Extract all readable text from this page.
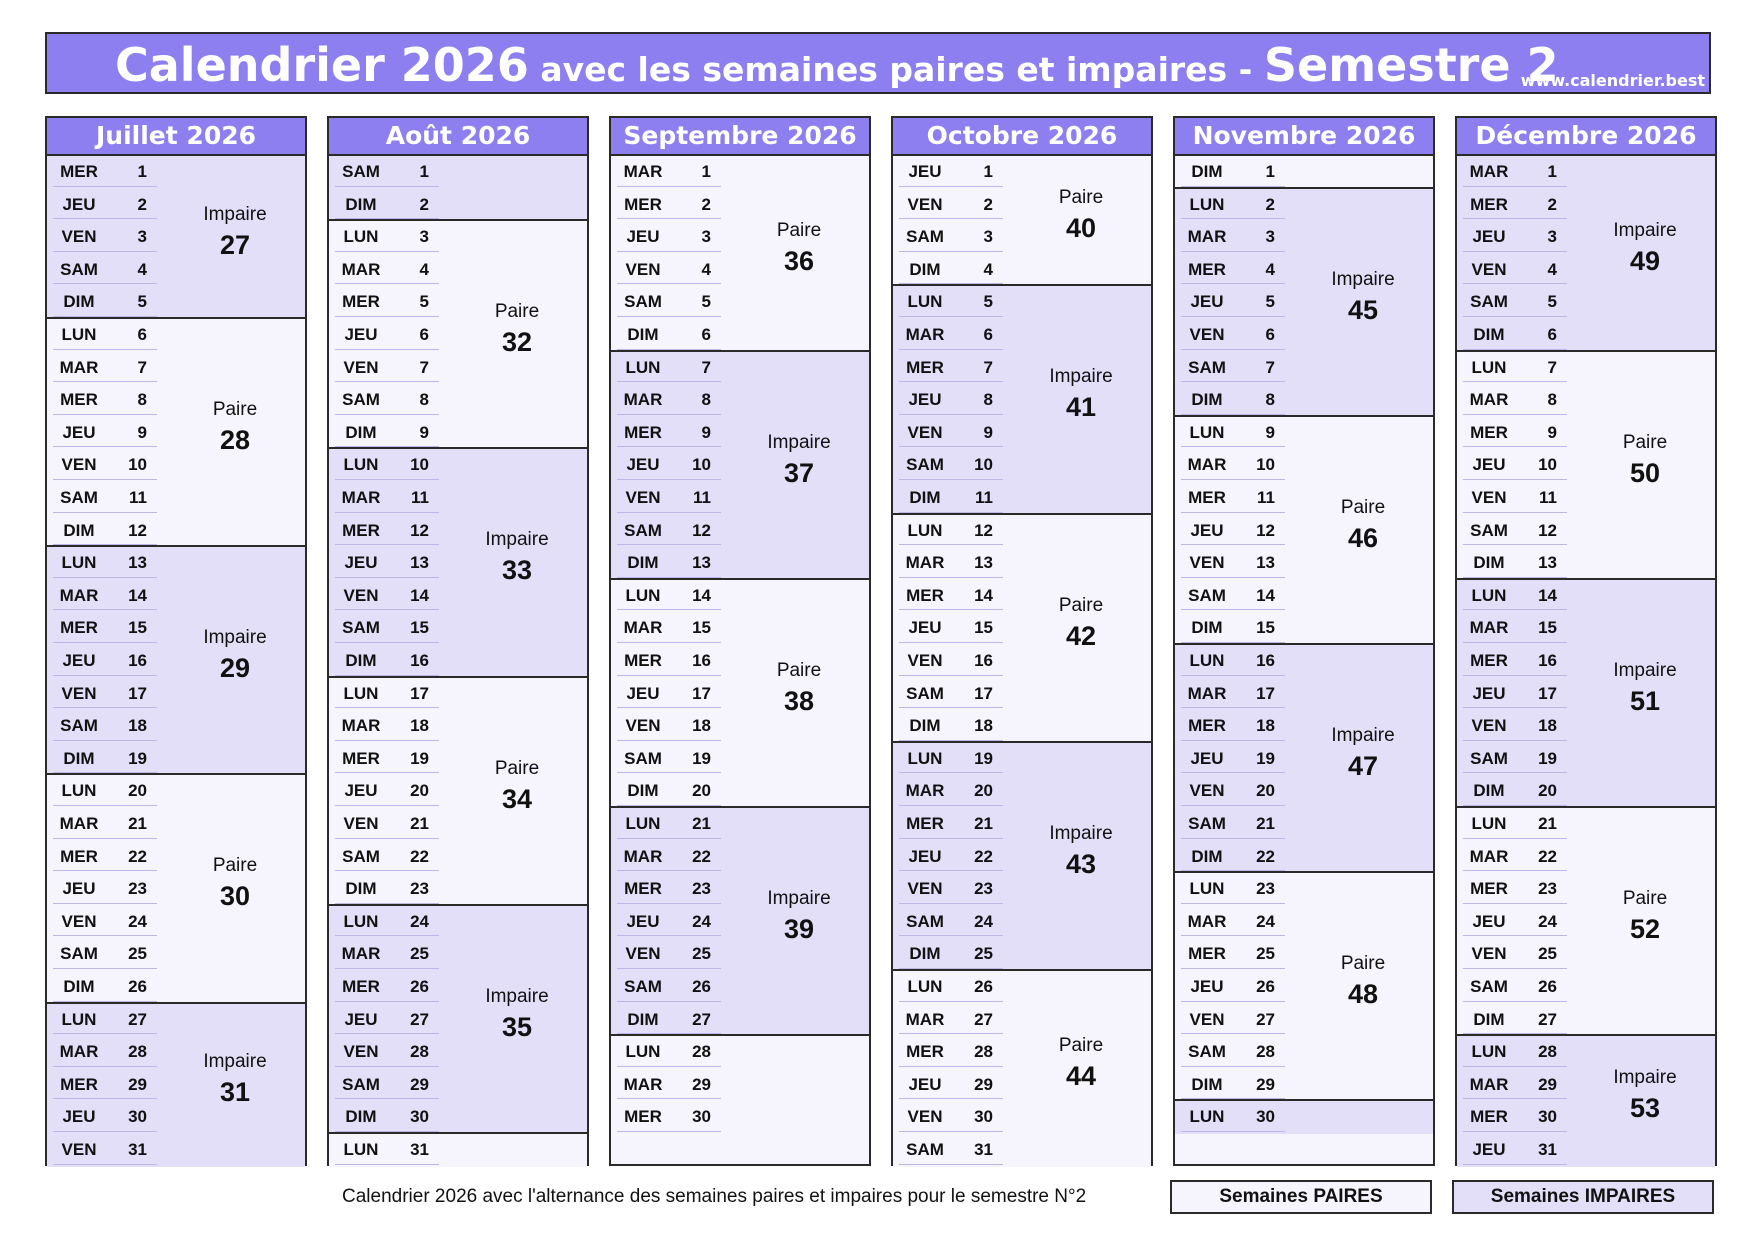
Calendrier 2026 avec les semaines paires et impaires - Semestre 2
www.calendrier.best
Juillet 2026
MER	1
JEU	2
VEN	3
SAM	4
DIM	5
Impaire
27
LUN	6
MAR	7
MER	8
JEU	9
VEN	10
SAM	11
DIM	12
Paire
28
LUN	13
MAR	14
MER	15
JEU	16
VEN	17
SAM	18
DIM	19
Impaire
29
LUN	20
MAR	21
MER	22
JEU	23
VEN	24
SAM	25
DIM	26
Paire
30
LUN	27
MAR	28
MER	29
JEU	30
VEN	31
Impaire
31
Août 2026
SAM	1
DIM	2
LUN	3
MAR	4
MER	5
JEU	6
VEN	7
SAM	8
DIM	9
Paire
32
LUN	10
MAR	11
MER	12
JEU	13
VEN	14
SAM	15
DIM	16
Impaire
33
LUN	17
MAR	18
MER	19
JEU	20
VEN	21
SAM	22
DIM	23
Paire
34
LUN	24
MAR	25
MER	26
JEU	27
VEN	28
SAM	29
DIM	30
Impaire
35
LUN	31
Septembre 2026
MAR	1
MER	2
JEU	3
VEN	4
SAM	5
DIM	6
Paire
36
LUN	7
MAR	8
MER	9
JEU	10
VEN	11
SAM	12
DIM	13
Impaire
37
LUN	14
MAR	15
MER	16
JEU	17
VEN	18
SAM	19
DIM	20
Paire
38
LUN	21
MAR	22
MER	23
JEU	24
VEN	25
SAM	26
DIM	27
Impaire
39
LUN	28
MAR	29
MER	30
Octobre 2026
JEU	1
VEN	2
SAM	3
DIM	4
Paire
40
LUN	5
MAR	6
MER	7
JEU	8
VEN	9
SAM	10
DIM	11
Impaire
41
LUN	12
MAR	13
MER	14
JEU	15
VEN	16
SAM	17
DIM	18
Paire
42
LUN	19
MAR	20
MER	21
JEU	22
VEN	23
SAM	24
DIM	25
Impaire
43
LUN	26
MAR	27
MER	28
JEU	29
VEN	30
SAM	31
Paire
44
Novembre 2026
DIM	1
LUN	2
MAR	3
MER	4
JEU	5
VEN	6
SAM	7
DIM	8
Impaire
45
LUN	9
MAR	10
MER	11
JEU	12
VEN	13
SAM	14
DIM	15
Paire
46
LUN	16
MAR	17
MER	18
JEU	19
VEN	20
SAM	21
DIM	22
Impaire
47
LUN	23
MAR	24
MER	25
JEU	26
VEN	27
SAM	28
DIM	29
Paire
48
LUN	30
Décembre 2026
MAR	1
MER	2
JEU	3
VEN	4
SAM	5
DIM	6
Impaire
49
LUN	7
MAR	8
MER	9
JEU	10
VEN	11
SAM	12
DIM	13
Paire
50
LUN	14
MAR	15
MER	16
JEU	17
VEN	18
SAM	19
DIM	20
Impaire
51
LUN	21
MAR	22
MER	23
JEU	24
VEN	25
SAM	26
DIM	27
Paire
52
LUN	28
MAR	29
MER	30
JEU	31
Impaire
53
Calendrier 2026 avec l'alternance des semaines paires et impaires pour le semestre N°2	Semaines PAIRES	Semaines IMPAIRES
